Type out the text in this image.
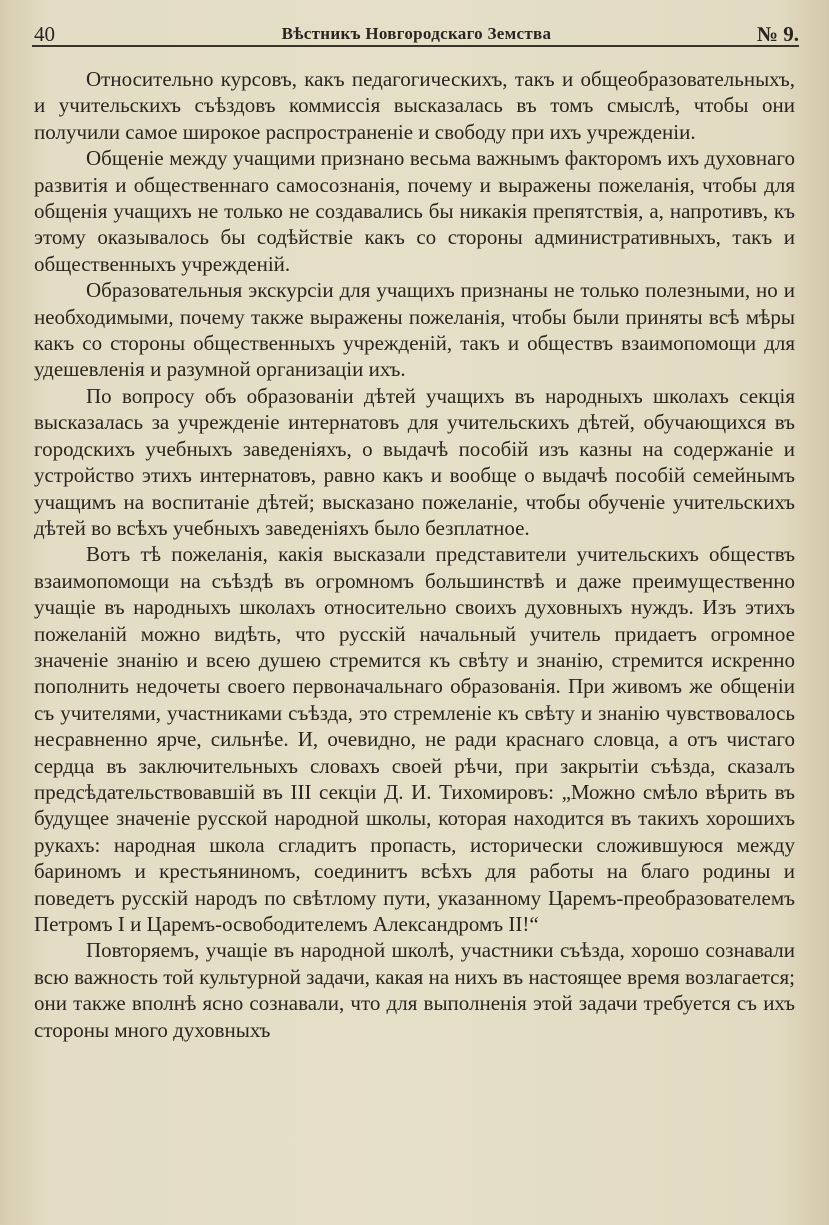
40	Вѣстникъ Новгородскаго Земства	№ 9.

Относительно курсовъ, какъ педагогическихъ, такъ и общеобразовательныхъ, и учительскихъ съѣздовъ коммиссія высказалась въ томъ смыслѣ, чтобы они получили самое широкое распространеніе и свободу при ихъ учрежденіи.

Общеніе между учащими признано весьма важнымъ факторомъ ихъ духовнаго развитія и общественнаго самосознанія, почему и выражены пожеланія, чтобы для общенія учащихъ не только не создавались бы никакія препятствія, а, напротивъ, къ этому оказывалось бы содѣйствіе какъ со стороны административныхъ, такъ и общественныхъ учрежденій.

Образовательныя экскурсіи для учащихъ признаны не только полезными, но и необходимыми, почему также выражены пожеланія, чтобы были приняты всѣ мѣры какъ со стороны общественныхъ учрежденій, такъ и обществъ взаимопомощи для удешевленія и разумной организаціи ихъ.

По вопросу объ образованіи дѣтей учащихъ въ народныхъ школахъ секція высказалась за учрежденіе интернатовъ для учительскихъ дѣтей, обучающихся въ городскихъ учебныхъ заведеніяхъ, о выдачѣ пособій изъ казны на содержаніе и устройство этихъ интернатовъ, равно какъ и вообще о выдачѣ пособій семейнымъ учащимъ на воспитаніе дѣтей; высказано пожеланіе, чтобы обученіе учительскихъ дѣтей во всѣхъ учебныхъ заведеніяхъ было безплатное.

Вотъ тѣ пожеланія, какія высказали представители учительскихъ обществъ взаимопомощи на съѣздѣ въ огромномъ большинствѣ и даже преимущественно учащіе въ народныхъ школахъ относительно своихъ духовныхъ нуждъ. Изъ этихъ пожеланій можно видѣть, что русскій начальный учитель придаетъ огромное значеніе знанію и всею душею стремится къ свѣту и знанію, стремится искренно пополнить недочеты своего первоначальнаго образованія. При живомъ же общеніи съ учителями, участниками съѣзда, это стремленіе къ свѣту и знанію чувствовалось несравненно ярче, сильнѣе. И, очевидно, не ради краснаго словца, а отъ чистаго сердца въ заключительныхъ словахъ своей рѣчи, при закрытіи съѣзда, сказалъ предсѣдательствовавшій въ III секціи Д. И. Тихомировъ: „Можно смѣло вѣрить въ будущее значеніе русской народной школы, которая находится въ такихъ хорошихъ рукахъ: народная школа сгладитъ пропасть, исторически сложившуюся между бариномъ и крестьяниномъ, соединитъ всѣхъ для работы на благо родины и поведетъ русскій народъ по свѣтлому пути, указанному Царемъ-преобразователемъ Петромъ I и Царемъ-освободителемъ Александромъ II!“

Повторяемъ, учащіе въ народной школѣ, участники съѣзда, хорошо сознавали всю важность той культурной задачи, какая на нихъ въ настоящее время возлагается; они также вполнѣ ясно сознавали, что для выполненія этой задачи требуется съ ихъ стороны много духовныхъ
